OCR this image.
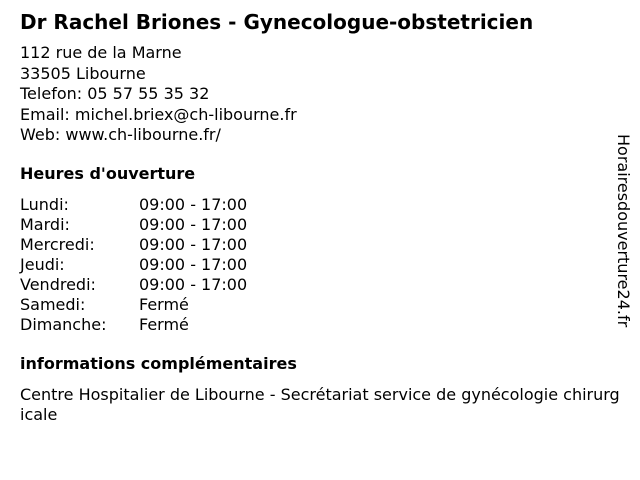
Dr Rachel Briones - Gynecologue-obstetricien
112 rue de la Marne
33505 Libourne
Telefon: 05 57 55 35 32
Email: michel.briex@ch-libourne.fr
Web: www.ch-libourne.fr/
Heures d'ouverture
Lundi:	09:00 - 17:00
Mardi:	09:00 - 17:00
Mercredi:	09:00 - 17:00
Jeudi:	09:00 - 17:00
Vendredi:	09:00 - 17:00
Samedi:	Fermé
Dimanche:	Fermé
informations complémentaires
Centre Hospitalier de Libourne - Secrétariat service de gynécologie chirurgicale
Horairesdouverture24.fr
